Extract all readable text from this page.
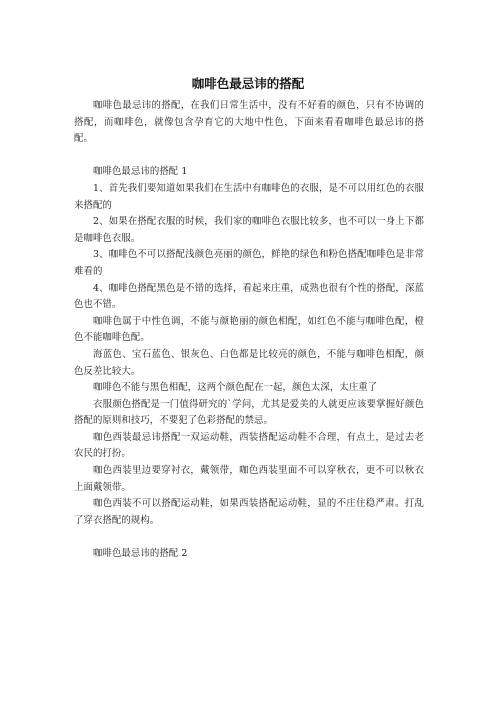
咖啡色最忌讳的搭配

咖啡色最忌讳的搭配，在我们日常生活中，没有不好看的颜色，只有不协调的搭配，而咖啡色，就像包含孕育它的大地中性色，下面来看看咖啡色最忌讳的搭配。

咖啡色最忌讳的搭配 1

1、首先我们要知道如果我们在生活中有咖啡色的衣服，是不可以用红色的衣服来搭配的

2、如果在搭配衣服的时候，我们家的咖啡色衣服比较多，也不可以一身上下都是咖啡色衣服。

3、咖啡色不可以搭配浅颜色亮丽的颜色，鲜艳的绿色和粉色搭配咖啡色是非常难看的

4、咖啡色搭配黑色是不错的选择，看起来庄重，成熟也很有个性的搭配，深蓝色也不错。

咖啡色属于中性色调，不能与颜艳丽的颜色相配，如红色不能与咖啡色配，橙色不能咖啡色配。

海蓝色、宝石蓝色、银灰色、白色都是比较亮的颜色，不能与咖啡色相配，颜色反差比较大。

咖啡色不能与黑色相配，这两个颜色配在一起，颜色太深，太庄重了

衣服颜色搭配是一门值得研究的`学问，尤其是爱美的人就更应该要掌握好颜色搭配的原则和技巧，不要犯了色彩搭配的禁忌。

咖色西装最忌讳搭配一双运动鞋，西装搭配运动鞋不合理，有点土，是过去老农民的打扮。

咖色西装里边要穿衬衣，戴领带，咖色西装里面不可以穿秋衣，更不可以秋衣上面戴领带。

咖色西装不可以搭配运动鞋，如果西装搭配运动鞋，显的不庄住稳严肃。打乱了穿衣搭配的规构。

咖啡色最忌讳的搭配 2
